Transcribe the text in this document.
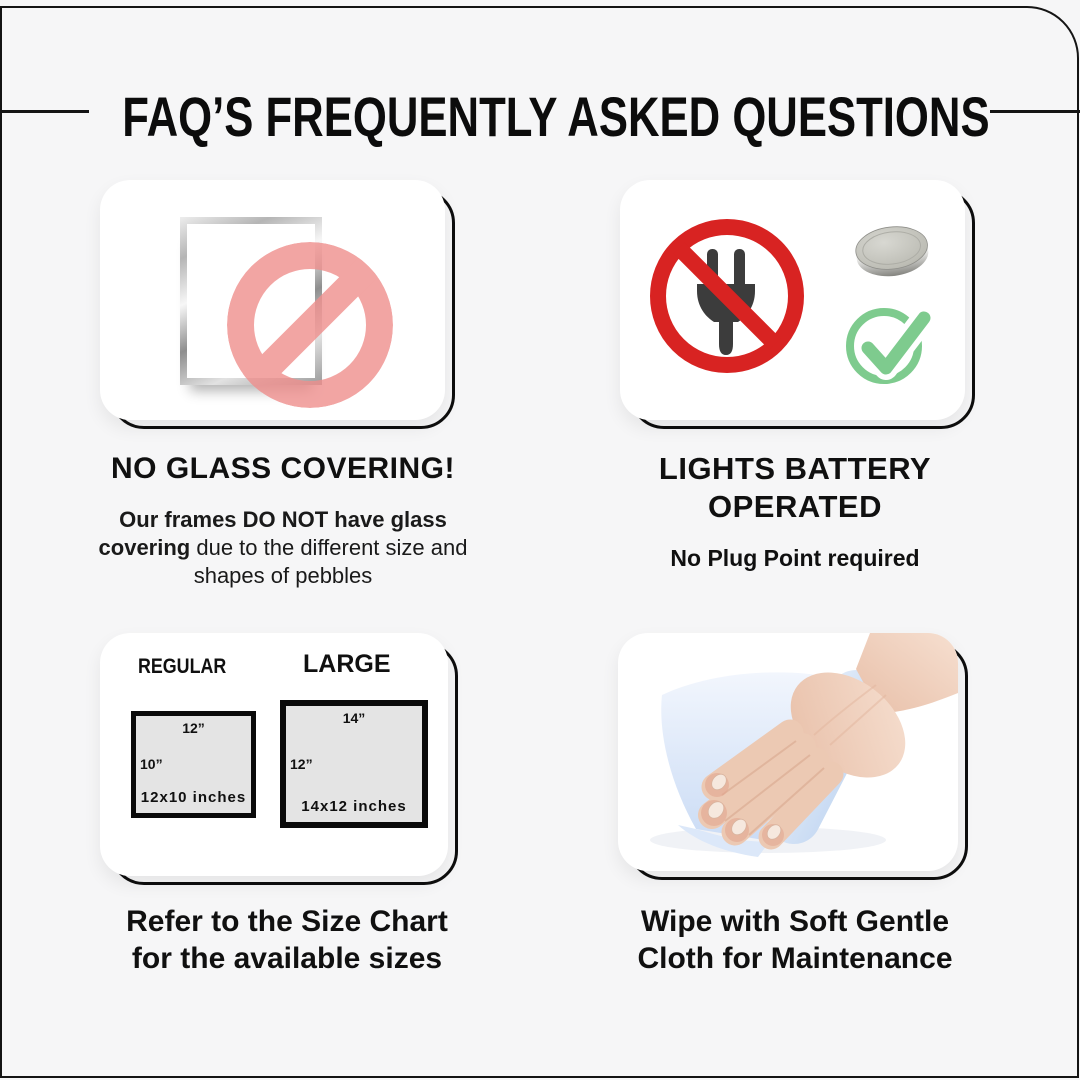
FAQ’S FREQUENTLY ASKED QUESTIONS
NO GLASS COVERING!

Our frames DO NOT have glass covering due to the different size and shapes of pebbles

LIGHTS BATTERY
OPERATED
No Plug Point required
REGULAR	LARGE
12”
10”
12x10 inches
14”
12”
14x12 inches
Refer to the Size Chart
for the available sizes
Wipe with Soft Gentle
Cloth for Maintenance
